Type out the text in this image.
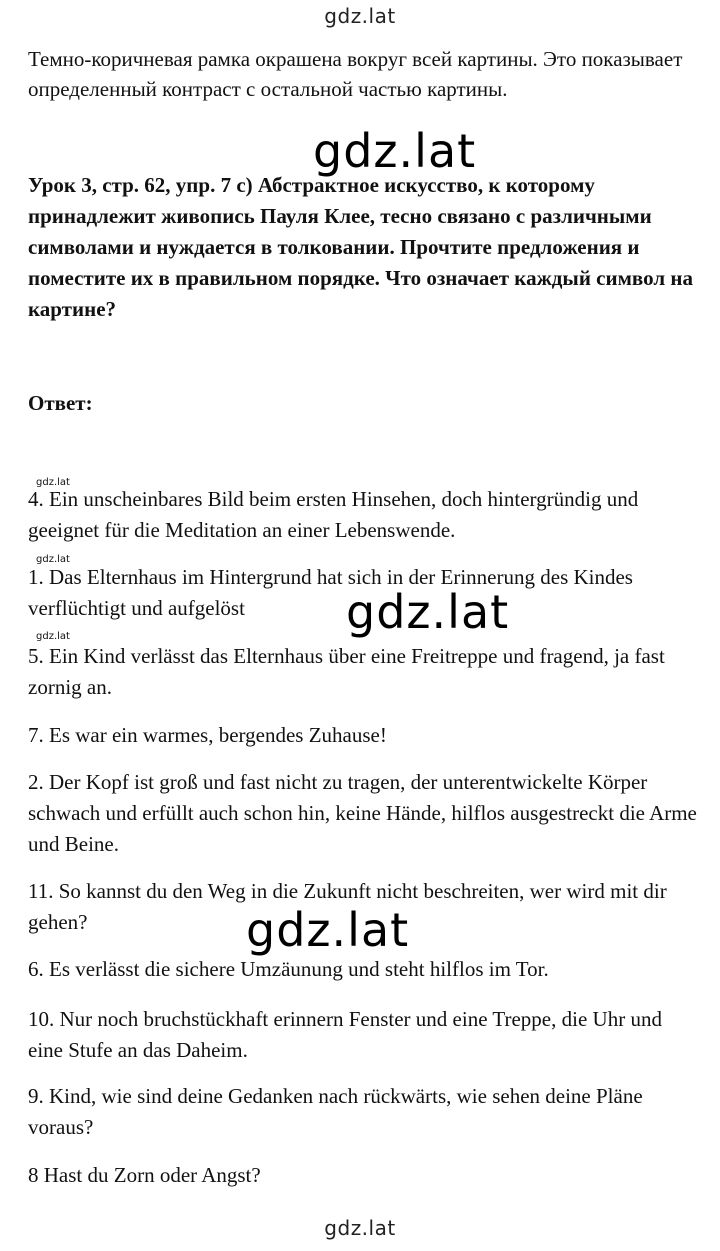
gdz.lat

Темно-коричневая рамка окрашена вокруг всей картины. Это показывает определенный контраст с остальной частью картины.

gdz.lat

Урок 3, стр. 62, упр. 7 с) Абстрактное искусство, к которому принадлежит живопись Пауля Клее, тесно связано с различными символами и нуждается в толковании. Прочтите предложения и поместите их в правильном порядке. Что означает каждый символ на картине?

Ответ:

gdz.lat

4. Ein unscheinbares Bild beim ersten Hinsehen, doch hintergründig und geeignet für die Meditation an einer Lebenswende.

gdz.lat

1. Das Elternhaus im Hintergrund hat sich in der Erinnerung des Kindes verflüchtigt und aufgelöst	gdz.lat
gdz.lat

5. Ein Kind verlässt das Elternhaus über eine Freitreppe und fragend, ja fast zornig an.

7. Es war ein warmes, bergendes Zuhause!

2. Der Kopf ist groß und fast nicht zu tragen, der unterentwickelte Körper schwach und erfüllt auch schon hin, keine Hände, hilflos ausgestreckt die Arme und Beine.

11. So kannst du den Weg in die Zukunft nicht beschreiten, wer wird mit dir gehen?	gdz.lat

6. Es verlässt die sichere Umzäunung und steht hilflos im Tor.

10. Nur noch bruchstückhaft erinnern Fenster und eine Treppe, die Uhr und eine Stufe an das Daheim.

9. Kind, wie sind deine Gedanken nach rückwärts, wie sehen deine Pläne voraus?

8 Hast du Zorn oder Angst?

gdz.lat
